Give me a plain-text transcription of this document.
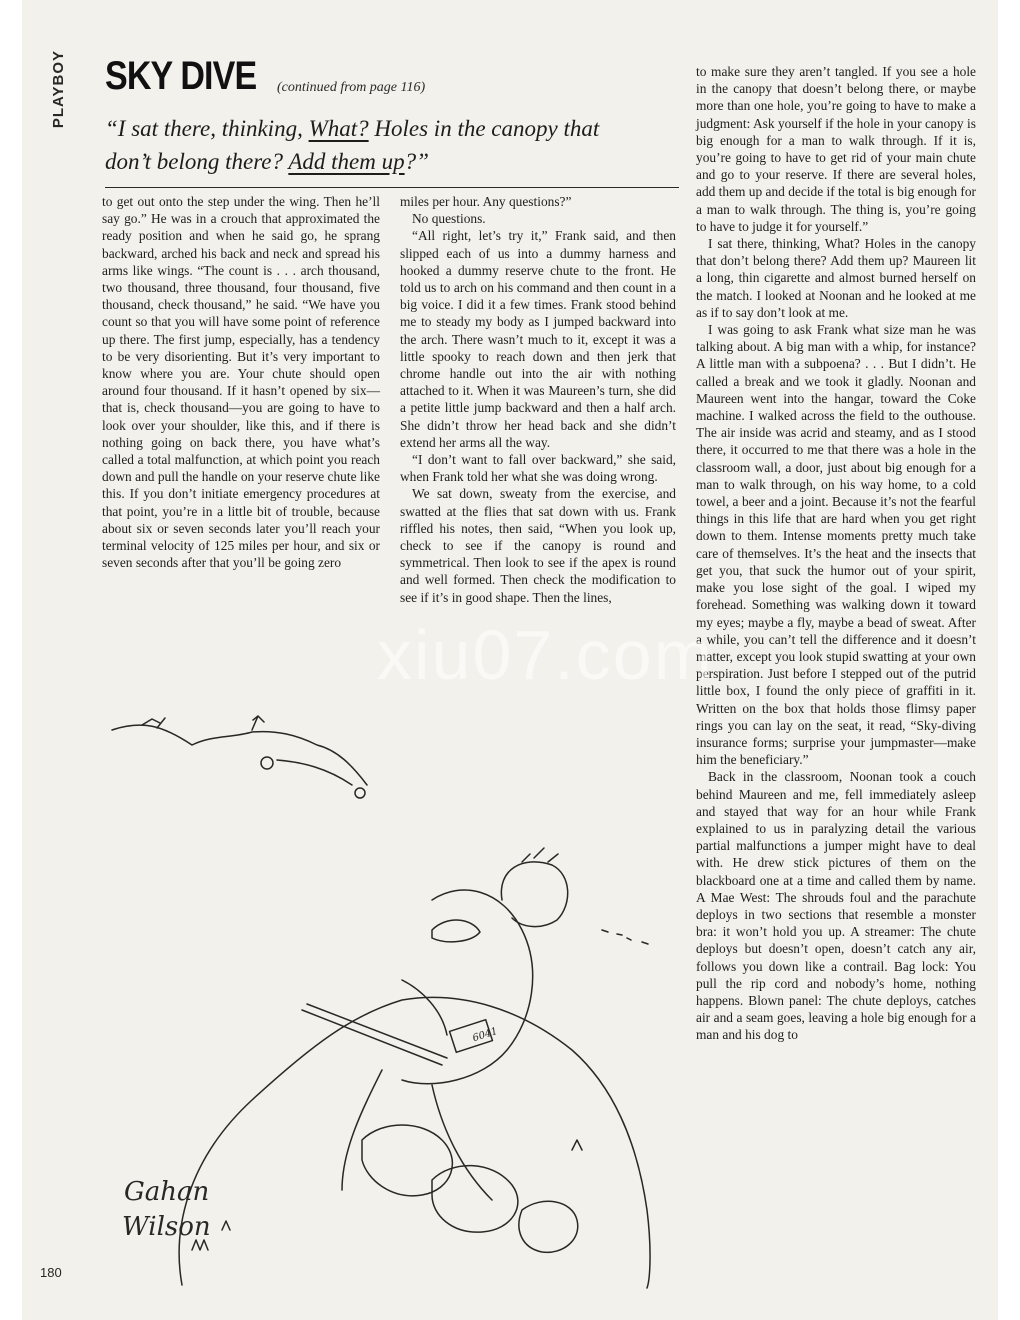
PLAYBOY SKY DIVE (continued from page 116)
“I sat there, thinking, What? Holes in the canopy that
don’t belong there? Add them up?”

to get out onto the step under the wing. Then he’ll say go.” He was in a crouch that approximated the ready position and when he said go, he sprang backward, arched his back and neck and spread his arms like wings. “The count is . . . arch thousand, two thousand, three thousand, four thousand, five thousand, check thousand,” he said. “We have you count so that you will have some point of reference up there. The first jump, especially, has a tendency to be very disorienting. But it’s very important to know where you are. Your chute should open around four thousand. If it hasn’t opened by six—that is, check thousand—you are going to have to look over your shoulder, like this, and if there is nothing going on back there, you have what’s called a total malfunction, at which point you reach down and pull the handle on your reserve chute like this. If you don’t initiate emergency procedures at that point, you’re in a little bit of trouble, because about six or seven seconds later you’ll reach your terminal velocity of 125 miles per hour, and six or seven seconds after that you’ll be going zero

miles per hour. Any questions?”

No questions.

“All right, let’s try it,” Frank said, and then slipped each of us into a dummy harness and hooked a dummy reserve chute to the front. He told us to arch on his command and then count in a big voice. I did it a few times. Frank stood behind me to steady my body as I jumped backward into the arch. There wasn’t much to it, except it was a little spooky to reach down and then jerk that chrome handle out into the air with nothing attached to it. When it was Maureen’s turn, she did a petite little jump backward and then a half arch. She didn’t throw her head back and she didn’t extend her arms all the way.

“I don’t want to fall over backward,” she said, when Frank told her what she was doing wrong.

We sat down, sweaty from the exercise, and swatted at the flies that sat down with us. Frank riffled his notes, then said, “When you look up, check to see if the canopy is round and symmetrical. Then look to see if the apex is round and well formed. Then check the modification to see if it’s in good shape. Then the lines,

to make sure they aren’t tangled. If you see a hole in the canopy that doesn’t belong there, or maybe more than one hole, you’re going to have to make a judgment: Ask yourself if the hole in your canopy is big enough for a man to walk through. If it is, you’re going to have to get rid of your main chute and go to your reserve. If there are several holes, add them up and decide if the total is big enough for a man to walk through. The thing is, you’re going to have to judge it for yourself.”

I sat there, thinking, What? Holes in the canopy that don’t belong there? Add them up? Maureen lit a long, thin cigarette and almost burned herself on the match. I looked at Noonan and he looked at me as if to say don’t look at me.

I was going to ask Frank what size man he was talking about. A big man with a whip, for instance? A little man with a subpoena? . . . But I didn’t. He called a break and we took it gladly. Noonan and Maureen went into the hangar, toward the Coke machine. I walked across the field to the outhouse. The air inside was acrid and steamy, and as I stood there, it occurred to me that there was a hole in the classroom wall, a door, just about big enough for a man to walk through, on his way home, to a cold towel, a beer and a joint. Because it’s not the fearful things in this life that are hard when you get right down to them. Intense moments pretty much take care of themselves. It’s the heat and the insects that get you, that suck the humor out of your spirit, make you lose sight of the goal. I wiped my forehead. Something was walking down it toward my eyes; maybe a fly, maybe a bead of sweat. After a while, you can’t tell the difference and it doesn’t matter, except you look stupid swatting at your own perspiration. Just before I stepped out of the putrid little box, I found the only piece of graffiti in it. Written on the box that holds those flimsy paper rings you can lay on the seat, it read, “Sky-diving insurance forms; surprise your jumpmaster—make him the beneficiary.”

Back in the classroom, Noonan took a couch behind Maureen and me, fell immediately asleep and stayed that way for an hour while Frank explained to us in paralyzing detail the various partial malfunctions a jumper might have to deal with. He drew stick pictures of them on the blackboard one at a time and called them by name. A Mae West: The shrouds foul and the parachute deploys in two sections that resemble a monster bra: it won’t hold you up. A streamer: The chute deploys but doesn’t open, doesn’t catch any air, follows you down like a contrail. Bag lock: You pull the rip cord and nobody’s home, nothing happens. Blown panel: The chute deploys, catches air and a seam goes, leaving a hole big enough for a man and his dog to

6041
Gahan
Wilson
180
xiu07.com
